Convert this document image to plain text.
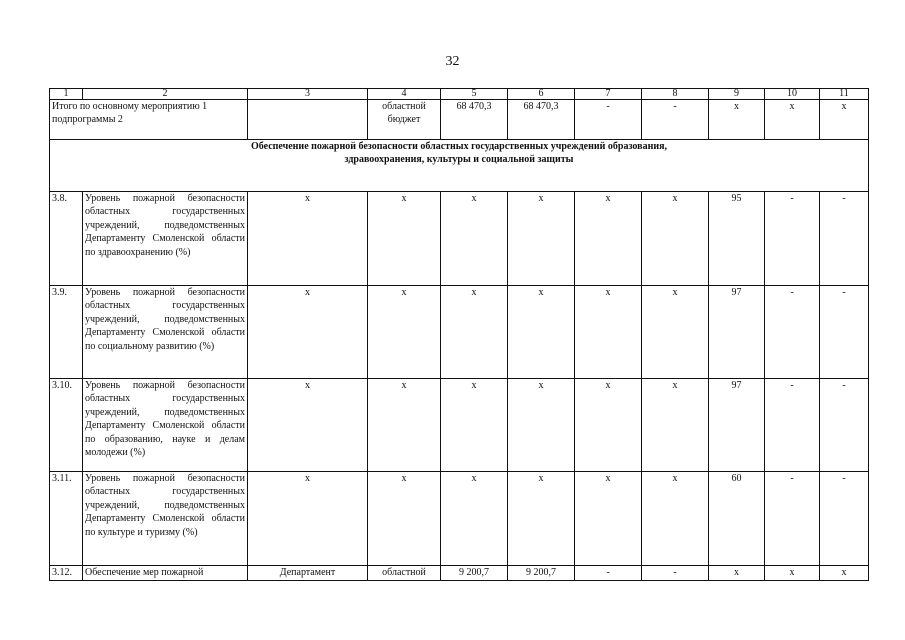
32
1	2	3	4	5	6	7	8	9	10	11
Итого по основному мероприятию 1 подпрограммы 2			областной бюджет	68 470,3	68 470,3	-	-	x	x	x

Обеспечение пожарной безопасности областных государственных учреждений образования,
здравоохранения, культуры и социальной защиты										

3.8.	Уровень пожарной безопасности областных государственных учреждений, подведомственных Департаменту Смоленской области по здравоохранению (%)	x	x	x	x	x	x	95	-	-
3.9.	Уровень пожарной безопасности областных государственных учреждений, подведомственных Департаменту Смоленской области по социальному развитию (%)	x	x	x	x	x	x	97	-	-
3.10.	Уровень пожарной безопасности областных государственных учреждений, подведомственных Департаменту Смоленской области по образованию, науке и делам молодежи (%)	x	x	x	x	x	x	97	-	-
3.11.	Уровень пожарной безопасности областных государственных учреждений, подведомственных Департаменту Смоленской области по культуре и туризму (%)	x	x	x	x	x	x	60	-	-
3.12.	Обеспечение мер пожарной	Департамент	областной	9 200,7	9 200,7	-	-	x	x	x
